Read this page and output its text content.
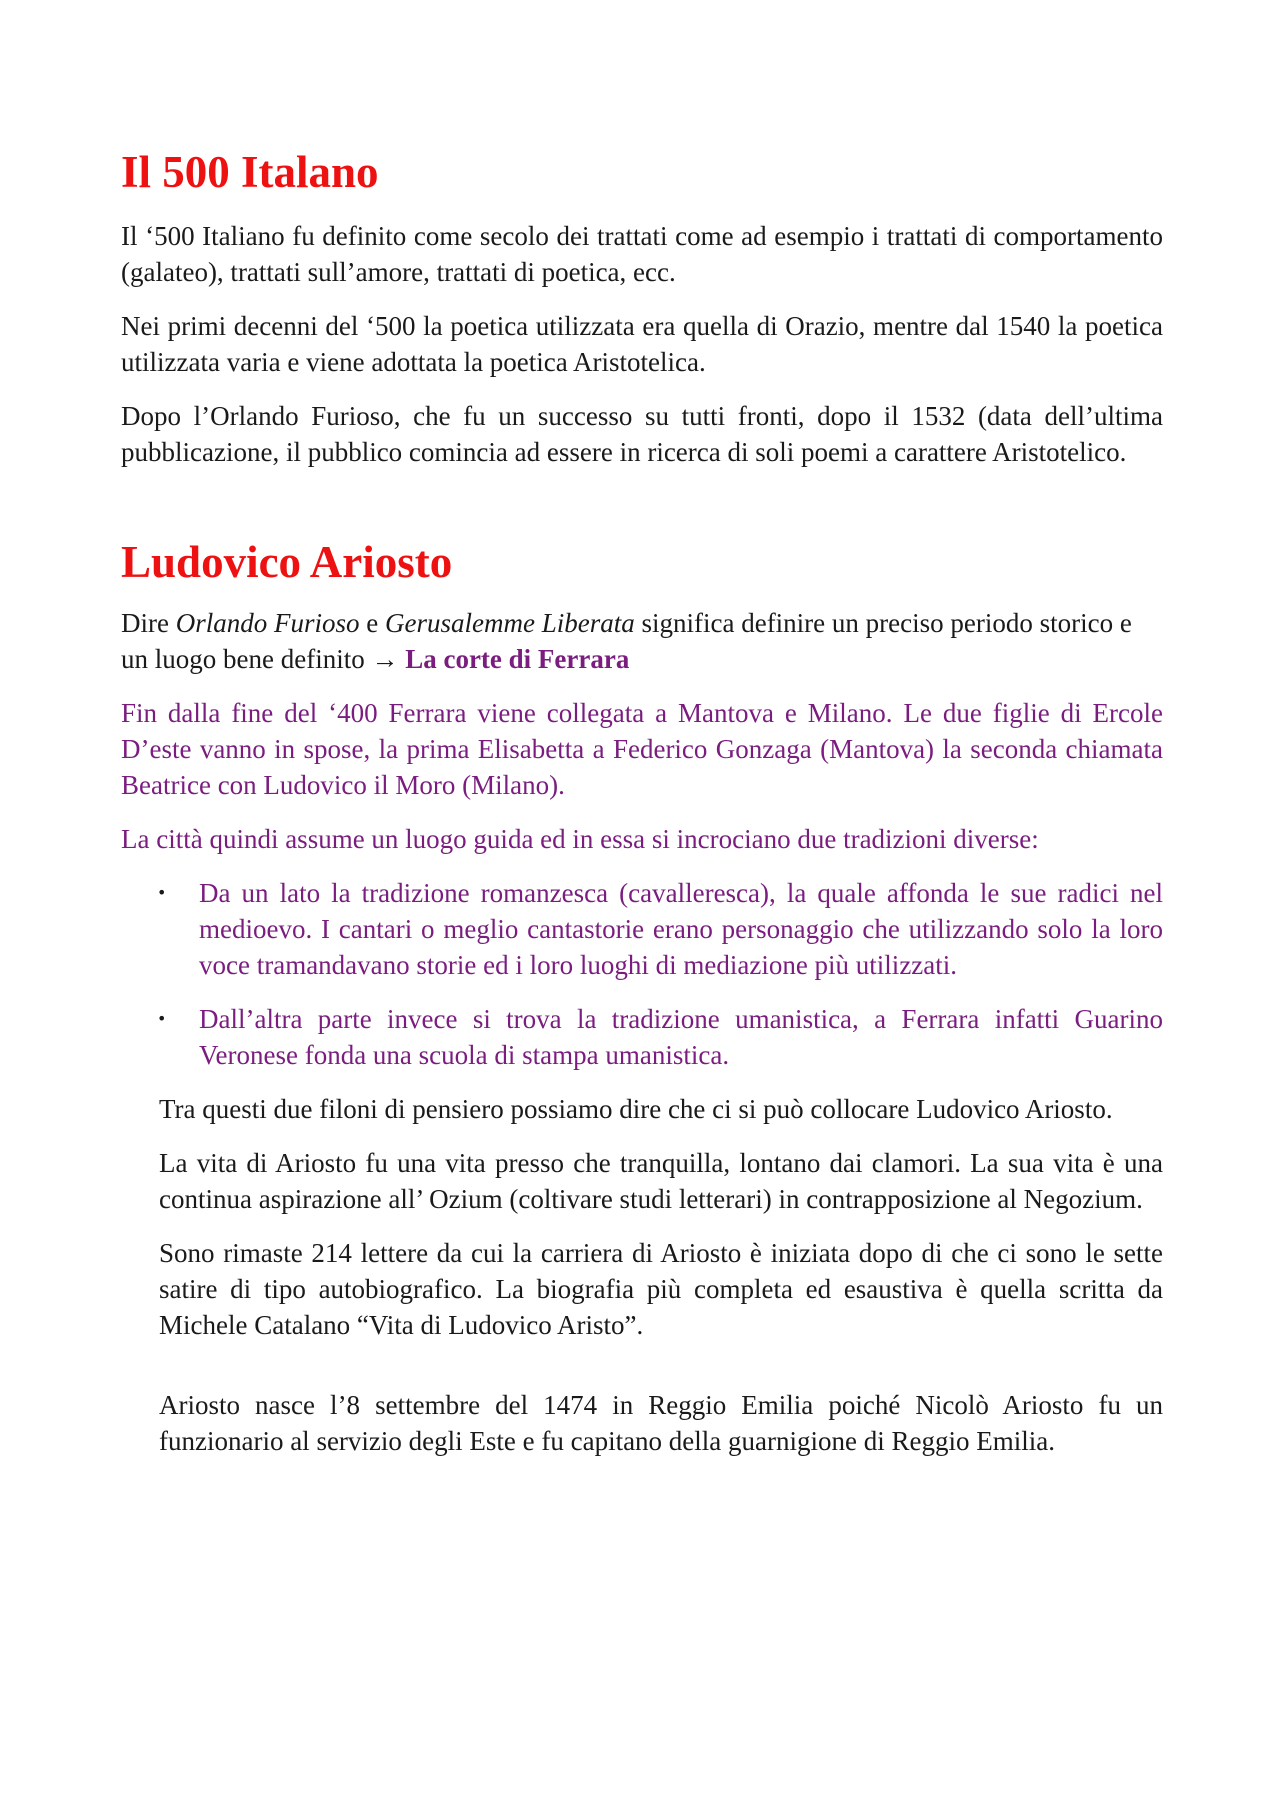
Il 500 Italano

Il ‘500 Italiano fu definito come secolo dei trattati come ad esempio i trattati di comportamento (galateo), trattati sull’amore, trattati di poetica, ecc.

Nei primi decenni del ‘500 la poetica utilizzata era quella di Orazio, mentre dal 1540 la poetica utilizzata varia e viene adottata la poetica Aristotelica.

Dopo l’Orlando Furioso, che fu un successo su tutti fronti, dopo il 1532 (data dell’ultima pubblicazione, il pubblico comincia ad essere in ricerca di soli poemi a carattere Aristotelico.

Ludovico Ariosto

Dire Orlando Furioso e Gerusalemme Liberata significa definire un preciso periodo storico e un luogo bene definito → La corte di Ferrara

Fin dalla fine del ‘400 Ferrara viene collegata a Mantova e Milano. Le due figlie di Ercole D’este vanno in spose, la prima Elisabetta a Federico Gonzaga (Mantova) la seconda chiamata Beatrice con Ludovico il Moro (Milano).

La città quindi assume un luogo guida ed in essa si incrociano due tradizioni diverse:

• Da un lato la tradizione romanzesca (cavalleresca), la quale affonda le sue radici nel medioevo. I cantari o meglio cantastorie erano personaggio che utilizzando solo la loro voce tramandavano storie ed i loro luoghi di mediazione più utilizzati.
• Dall’altra parte invece si trova la tradizione umanistica, a Ferrara infatti Guarino Veronese fonda una scuola di stampa umanistica.

Tra questi due filoni di pensiero possiamo dire che ci si può collocare Ludovico Ariosto.

La vita di Ariosto fu una vita presso che tranquilla, lontano dai clamori. La sua vita è una continua aspirazione all’ Ozium (coltivare studi letterari) in contrapposizione al Negozium.

Sono rimaste 214 lettere da cui la carriera di Ariosto è iniziata dopo di che ci sono le sette satire di tipo autobiografico. La biografia più completa ed esaustiva è quella scritta da Michele Catalano “Vita di Ludovico Aristo”.

Ariosto nasce l’8 settembre del 1474 in Reggio Emilia poiché Nicolò Ariosto fu un funzionario al servizio degli Este e fu capitano della guarnigione di Reggio Emilia.
